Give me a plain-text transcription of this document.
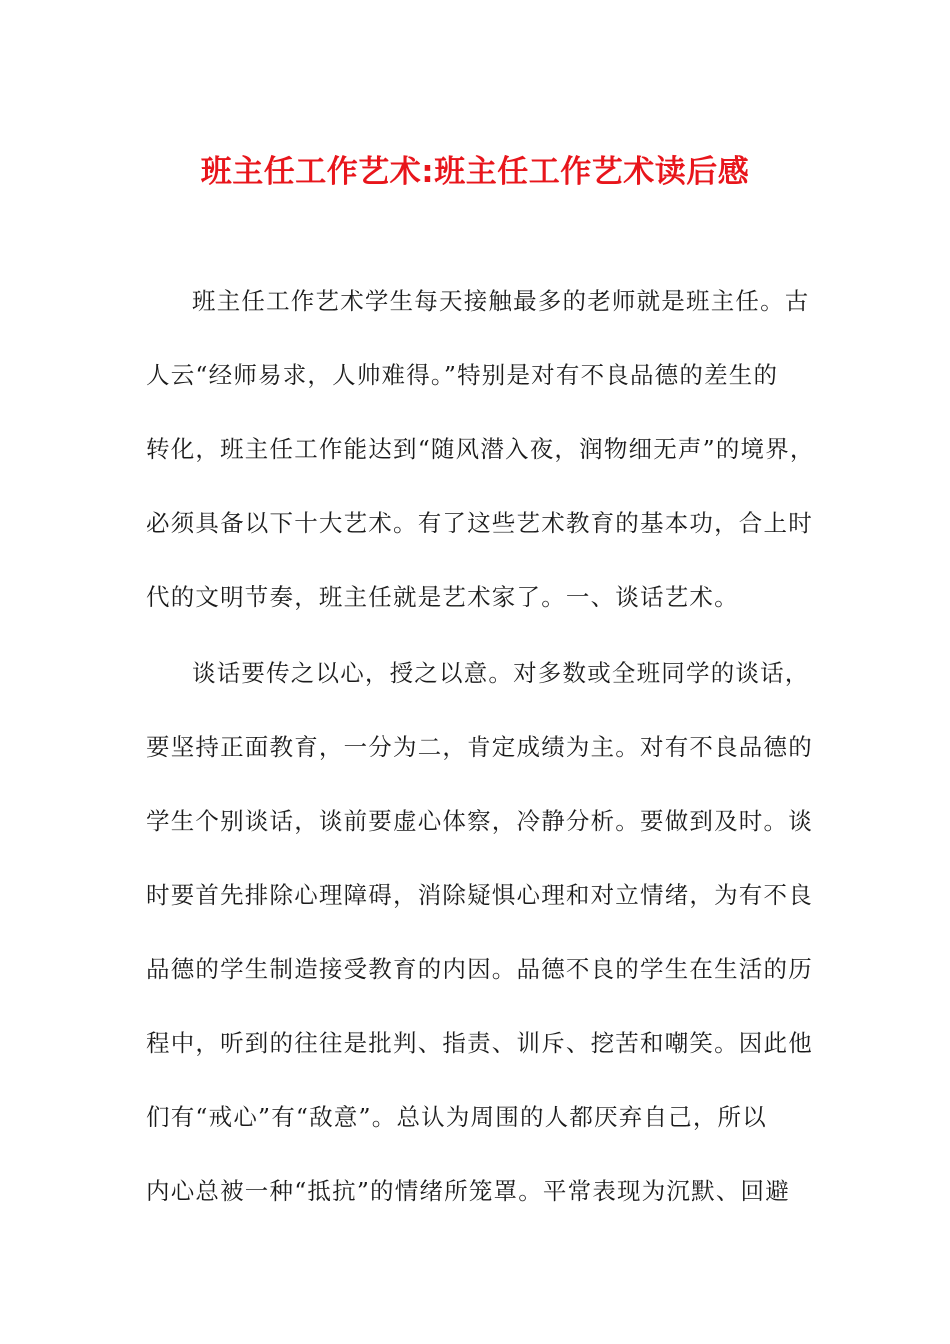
班主任工作艺术:班主任工作艺术读后感
班主任工作艺术学生每天接触最多的老师就是班主任。古
人云“经师易求，人帅难得。”特别是对有不良品德的差生的
转化，班主任工作能达到“随风潜入夜，润物细无声”的境界，
必须具备以下十大艺术。有了这些艺术教育的基本功，合上时
代的文明节奏，班主任就是艺术家了。一、谈话艺术。
谈话要传之以心，授之以意。对多数或全班同学的谈话，
要坚持正面教育，一分为二，肯定成绩为主。对有不良品德的
学生个别谈话，谈前要虚心体察，冷静分析。要做到及时。谈
时要首先排除心理障碍，消除疑惧心理和对立情绪，为有不良
品德的学生制造接受教育的内因。品德不良的学生在生活的历
程中，听到的往往是批判、指责、训斥、挖苦和嘲笑。因此他
们有“戒心”有“敌意”。总认为周围的人都厌弃自己，所以
内心总被一种“抵抗”的情绪所笼罩。平常表现为沉默、回避
